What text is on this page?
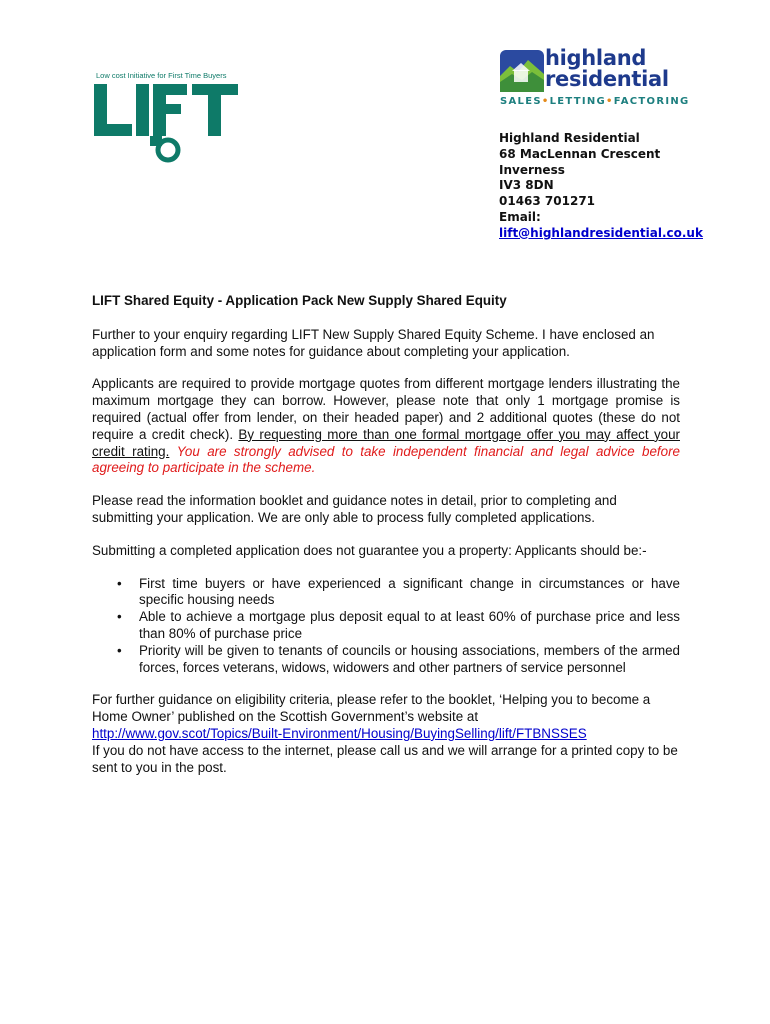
Low cost Initiative for First Time Buyers
highland
residential
SALES•LETTING•FACTORING
Highland Residential
68 MacLennan Crescent
Inverness
IV3 8DN
01463 701271
Email:
lift@highlandresidential.co.uk

LIFT Shared Equity - Application Pack New Supply Shared Equity

Further to your enquiry regarding LIFT New Supply Shared Equity Scheme. I have enclosed an application form and some notes for guidance about completing your application.

Applicants are required to provide mortgage quotes from different mortgage lenders illustrating the maximum mortgage they can borrow. However, please note that only 1 mortgage promise is required (actual offer from lender, on their headed paper) and 2 additional quotes (these do not require a credit check). By requesting more than one formal mortgage offer you may affect your credit rating. You are strongly advised to take independent financial and legal advice before agreeing to participate in the scheme.

Please read the information booklet and guidance notes in detail, prior to completing and submitting your application. We are only able to process fully completed applications.

Submitting a completed application does not guarantee you a property: Applicants should be:-

• First time buyers or have experienced a significant change in circumstances or have specific housing needs
• Able to achieve a mortgage plus deposit equal to at least 60% of purchase price and less than 80% of purchase price
• Priority will be given to tenants of councils or housing associations, members of the armed forces, forces veterans, widows, widowers and other partners of service personnel

For further guidance on eligibility criteria, please refer to the booklet, ‘Helping you to become a Home Owner’ published on the Scottish Government’s website at
http://www.gov.scot/Topics/Built-Environment/Housing/BuyingSelling/lift/FTBNSSES
If you do not have access to the internet, please call us and we will arrange for a printed copy to be sent to you in the post.
